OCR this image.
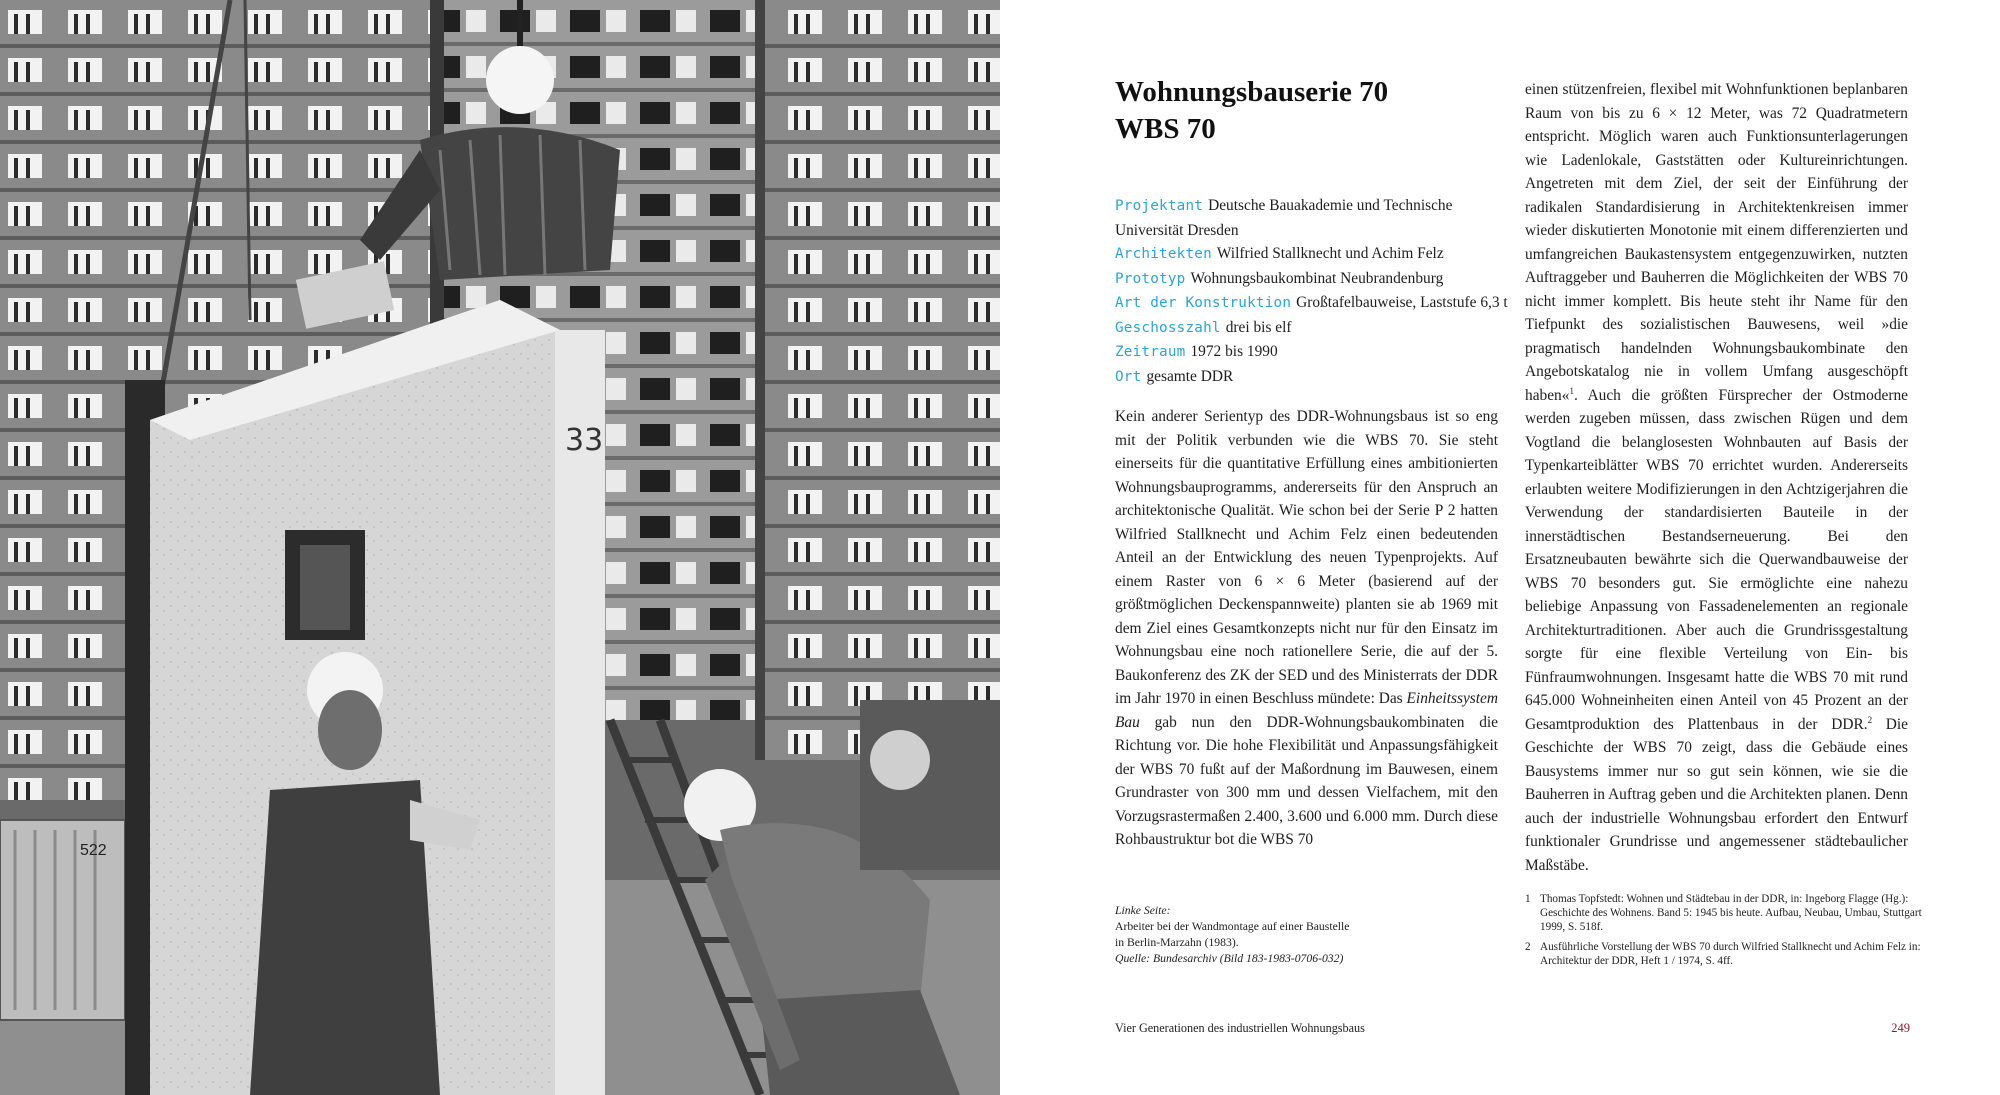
522
33
Wohnungsbauserie 70
WBS 70
Projektant Deutsche Bauakademie und Technische
Universität Dresden
Architekten Wilfried Stallknecht und Achim Felz
Prototyp Wohnungsbaukombinat Neubrandenburg
Art der Konstruktion Großtafelbauweise, Laststufe 6,3 t
Geschosszahl drei bis elf
Zeitraum 1972 bis 1990
Ort gesamte DDR

Kein anderer Serientyp des DDR-Wohnungsbaus ist so eng mit der Politik verbunden wie die WBS 70. Sie steht einerseits für die quantitative Erfüllung eines ambitionierten Wohnungsbauprogramms, andererseits für den Anspruch an architektonische Qualität. Wie schon bei der Serie P 2 hatten Wilfried Stallknecht und Achim Felz einen bedeutenden Anteil an der Entwicklung des neuen Typenprojekts. Auf einem Raster von 6 × 6 Meter (basierend auf der größtmöglichen Deckenspannweite) planten sie ab 1969 mit dem Ziel eines Gesamtkonzepts nicht nur für den Einsatz im Wohnungsbau eine noch rationellere Serie, die auf der 5. Baukonferenz des ZK der SED und des Ministerrats der DDR im Jahr 1970 in einen Beschluss mündete: Das Einheitssystem Bau gab nun den DDR-Wohnungsbaukombinaten die Richtung vor. Die hohe Flexibilität und Anpassungsfähigkeit der WBS 70 fußt auf der Maßordnung im Bauwesen, einem Grundraster von 300 mm und dessen Vielfachem, mit den Vorzugsrastermaßen 2.400, 3.600 und 6.000 mm. Durch diese Rohbaustruktur bot die WBS 70

einen stützenfreien, flexibel mit Wohnfunktionen beplanbaren Raum von bis zu 6 × 12 Meter, was 72 Quadratmetern entspricht. Möglich waren auch Funktionsunterlagerungen wie Ladenlokale, Gaststätten oder Kultureinrichtungen. Angetreten mit dem Ziel, der seit der Einführung der radikalen Standardisierung in Architektenkreisen immer wieder diskutierten Monotonie mit einem differenzierten und umfangreichen Baukastensystem entgegenzuwirken, nutzten Auftraggeber und Bauherren die Möglichkeiten der WBS 70 nicht immer komplett. Bis heute steht ihr Name für den Tiefpunkt des sozialistischen Bauwesens, weil »die pragmatisch handelnden Wohnungsbaukombinate den Angebotskatalog nie in vollem Umfang ausgeschöpft haben«$^1$. Auch die größten Fürsprecher der Ostmoderne werden zugeben müssen, dass zwischen Rügen und dem Vogtland die belanglosesten Wohnbauten auf Basis der Typenkarteiblätter WBS 70 errichtet wurden. Andererseits erlaubten weitere Modifizierungen in den Achtzigerjahren die Verwendung der standardisierten Bauteile in der innerstädtischen Bestandserneuerung. Bei den Ersatzneubauten bewährte sich die Querwandbauweise der WBS 70 besonders gut. Sie ermöglichte eine nahezu beliebige Anpassung von Fassadenelementen an regionale Architekturtraditionen. Aber auch die Grundrissgestaltung sorgte für eine flexible Verteilung von Ein- bis Fünfraumwohnungen. Insgesamt hatte die WBS 70 mit rund 645.000 Wohneinheiten einen Anteil von 45 Prozent an der Gesamtproduktion des Plattenbaus in der DDR.$^2$ Die Geschichte der WBS 70 zeigt, dass die Gebäude eines Bausystems immer nur so gut sein können, wie sie die Bauherren in Auftrag geben und die Architekten planen. Denn auch der industrielle Wohnungsbau erfordert den Entwurf funktionaler Grundrisse und angemessener städtebaulicher Maßstäbe.

Linke Seite:
Arbeiter bei der Wandmontage auf einer Baustelle
in Berlin-Marzahn (1983).
Quelle: Bundesarchiv (Bild 183-1983-0706-032)
1 Thomas Topfstedt: Wohnen und Städtebau in der DDR, in: Ingeborg Flagge (Hg.): Geschichte des Wohnens. Band 5: 1945 bis heute. Aufbau, Neubau, Umbau, Stuttgart 1999, S. 518f.
2 Ausführliche Vorstellung der WBS 70 durch Wilfried Stallknecht und Achim Felz in: Architektur der DDR, Heft 1 / 1974, S. 4ff.
Vier Generationen des industriellen Wohnungsbaus	249
